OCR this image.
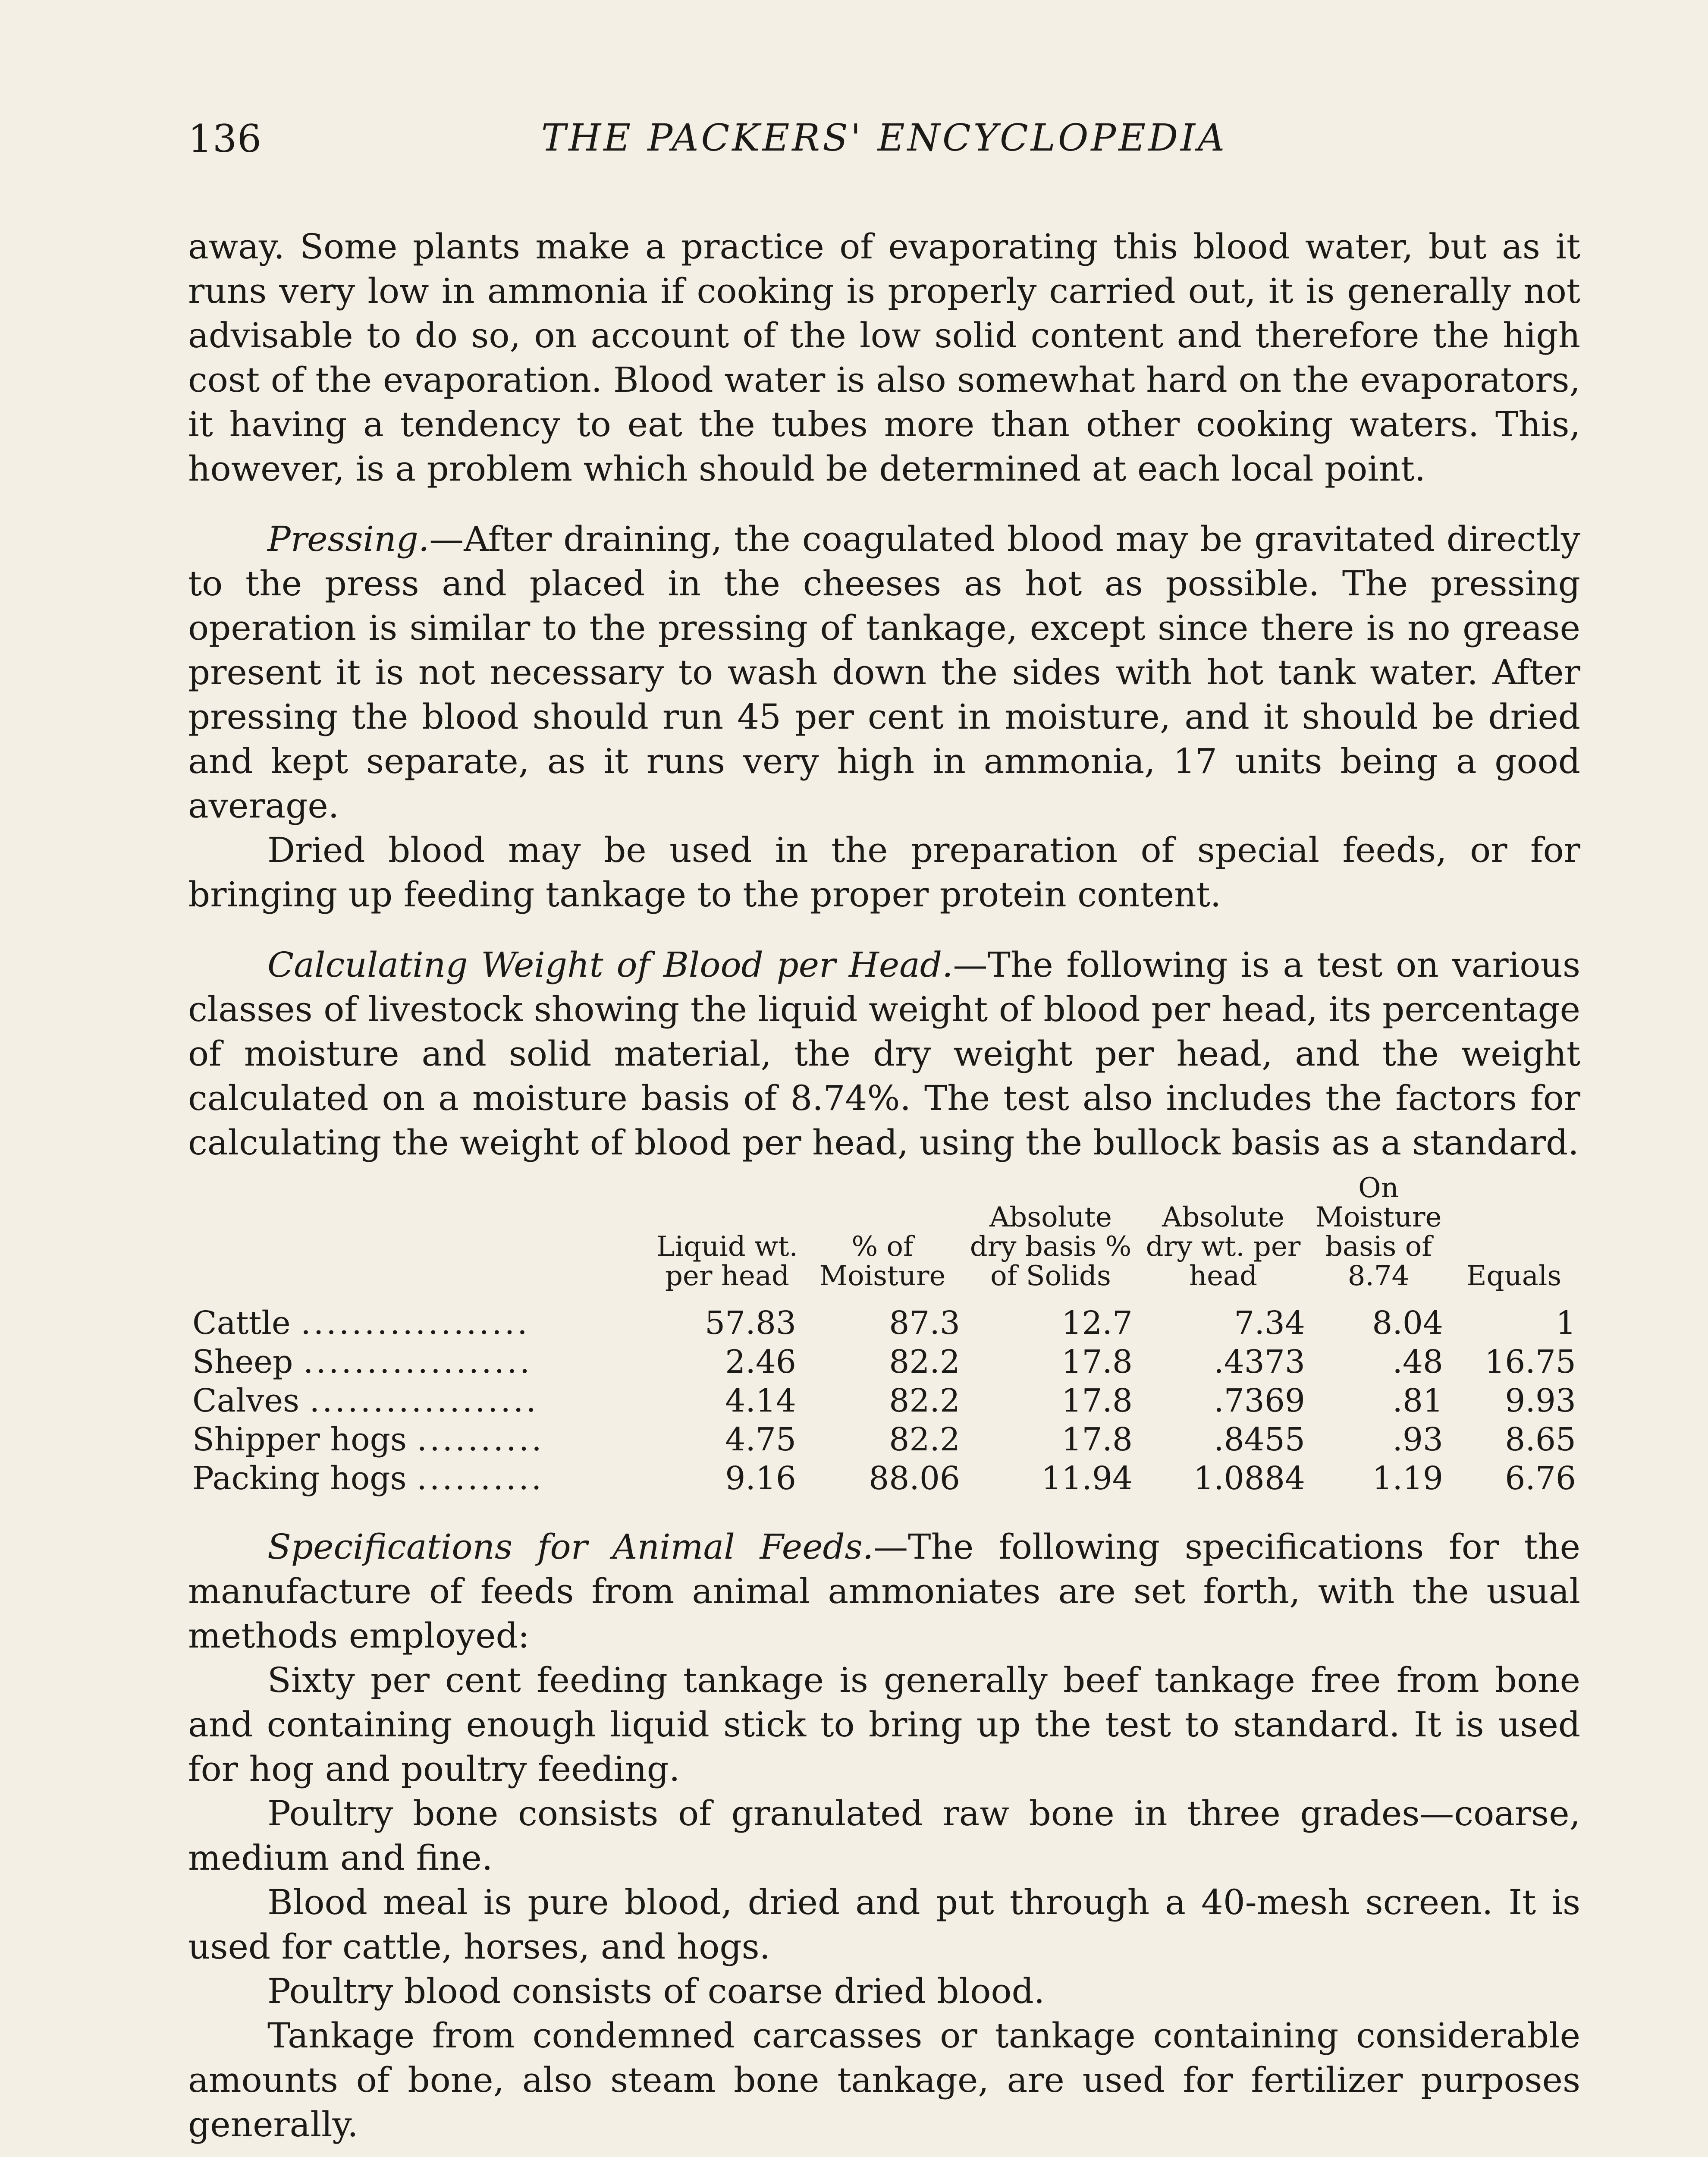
136	THE PACKERS' ENCYCLOPEDIA

away. Some plants make a practice of evaporating this blood water, but as it runs very low in ammonia if cooking is properly carried out, it is generally not advisable to do so, on account of the low solid content and therefore the high cost of the evaporation. Blood water is also somewhat hard on the evaporators, it having a tendency to eat the tubes more than other cooking waters. This, however, is a problem which should be determined at each local point.

Pressing.—After draining, the coagulated blood may be gravitated directly to the press and placed in the cheeses as hot as possible. The pressing operation is similar to the pressing of tankage, except since there is no grease present it is not necessary to wash down the sides with hot tank water. After pressing the blood should run 45 per cent in moisture, and it should be dried and kept separate, as it runs very high in ammonia, 17 units being a good average.

Dried blood may be used in the preparation of special feeds, or for bringing up feeding tankage to the proper protein content.

Calculating Weight of Blood per Head.—The following is a test on various classes of livestock showing the liquid weight of blood per head, its percentage of moisture and solid material, the dry weight per head, and the weight calculated on a moisture basis of 8.74%. The test also includes the factors for calculating the weight of blood per head, using the bullock basis as a standard.

	Liquid wt. per head	% of Moisture	Absolute dry basis % of Solids	Absolute dry wt. per head	On Moisture basis of 8.74	Equals
Cattle ..................	57.83	87.3	12.7	7.34	8.04	1
Sheep ..................	2.46	82.2	17.8	.4373	.48	16.75
Calves ..................	4.14	82.2	17.8	.7369	.81	9.93
Shipper hogs ..........	4.75	82.2	17.8	.8455	.93	8.65
Packing hogs ..........	9.16	88.06	11.94	1.0884	1.19	6.76

Specifications for Animal Feeds.—The following specifications for the manufacture of feeds from animal ammoniates are set forth, with the usual methods employed:

Sixty per cent feeding tankage is generally beef tankage free from bone and containing enough liquid stick to bring up the test to standard. It is used for hog and poultry feeding.

Poultry bone consists of granulated raw bone in three grades—coarse, medium and fine.

Blood meal is pure blood, dried and put through a 40-mesh screen. It is used for cattle, horses, and hogs.

Poultry blood consists of coarse dried blood.

Tankage from condemned carcasses or tankage containing considerable amounts of bone, also steam bone tankage, are used for fertilizer purposes generally.
